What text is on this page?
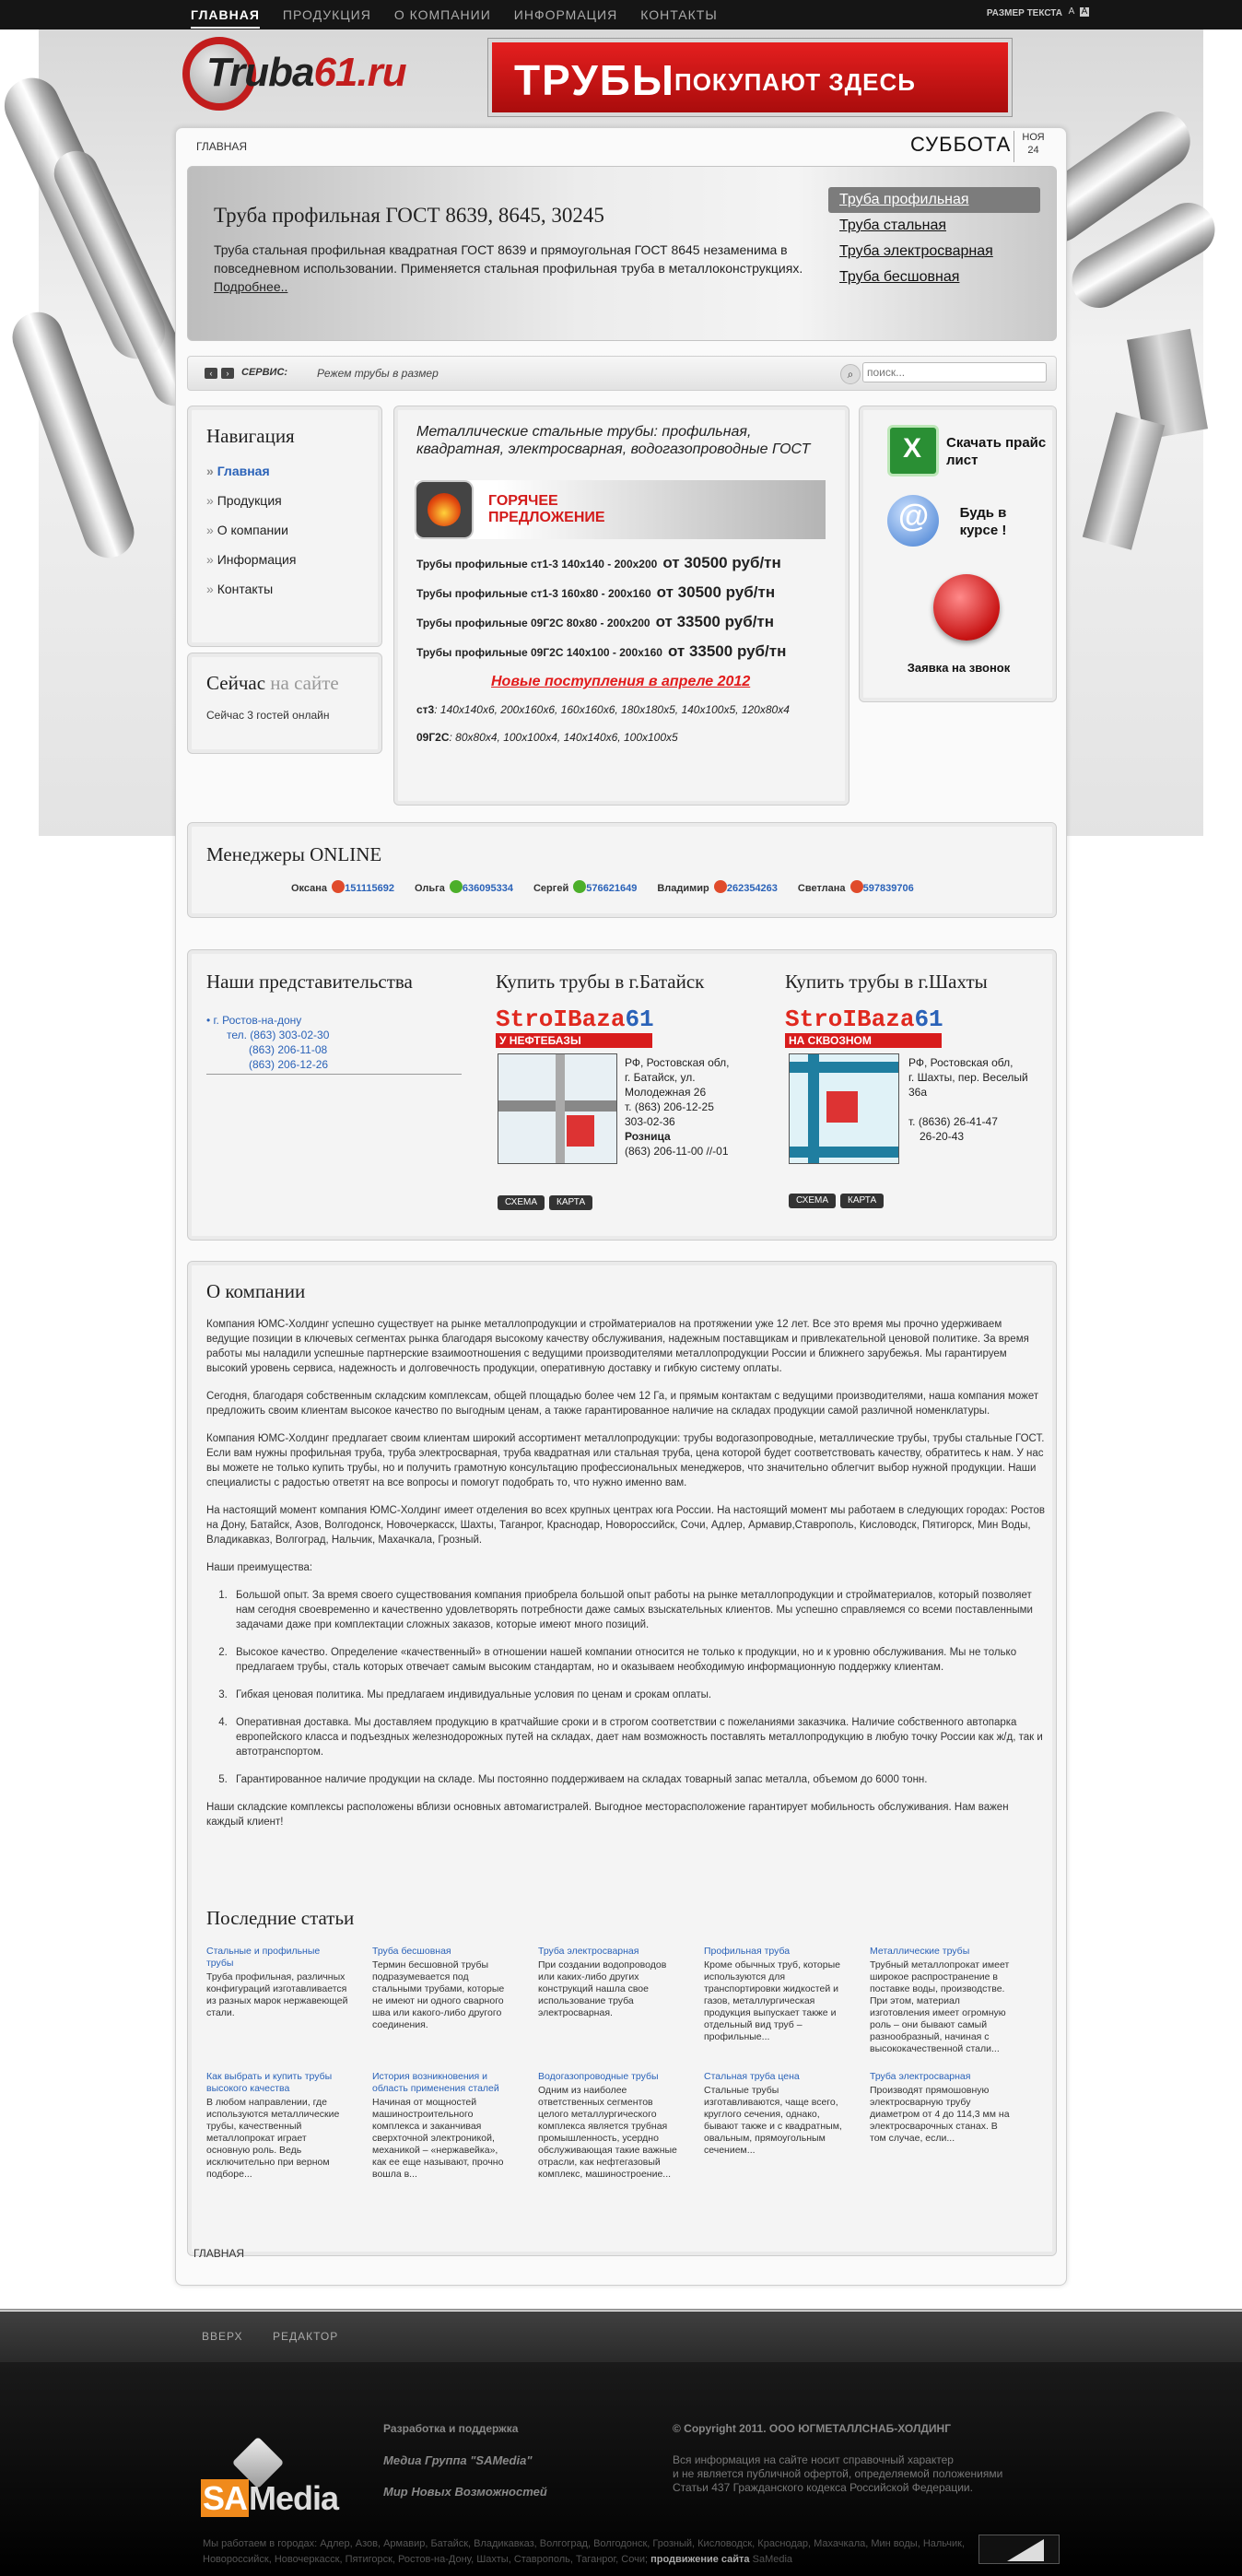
ГЛАВНАЯ ПРОДУКЦИЯ О КОМПАНИИ ИНФОРМАЦИЯ КОНТАКТЫ	РАЗМЕР ТЕКСТА A A
Truba61.ru	ТРУБЫ ПОКУПАЮТ ЗДЕСЬ
ГЛАВНАЯ	СУББОТА	НОЯ
24
Труба профильная ГОСТ 8639, 8645, 30245

Труба стальная профильная квадратная ГОСТ 8639 и прямоугольная ГОСТ 8645 незаменима в повседневном использовании. Применяется стальная профильная труба в металлоконструкциях. Подробнее..

Труба профильная
Труба стальная
Труба электросварная
Труба бесшовная
‹	›	СЕРВИС:	Режем трубы в размер	⌕
поиск...
Навигация
» Главная
» Продукция
» О компании
» Информация
» Контакты
Сейчас на сайте

Сейчас 3 гостей онлайн

Металлические стальные трубы: профильная, квадратная, электросварная, водогазопроводные ГОСТ
ГОРЯЧЕЕ ПРЕДЛОЖЕНИЕ
Трубы профильные ст1-3 140х140 - 200х200 от 30500 руб/тн
Трубы профильные ст1-3 160х80 - 200х160 от 30500 руб/тн
Трубы профильные 09Г2С 80х80 - 200х200 от 33500 руб/тн
Трубы профильные 09Г2С 140х100 - 200х160 от 33500 руб/тн
Новые поступления в апреле 2012
ст3: 140х140х6, 200х160х6, 160х160х6, 180х180х5, 140х100х5, 120х80х4
09Г2С: 80х80х4, 100х100х4, 140х140х6, 100х100х5
X
Скачать прайс лист
@
Будь в курсе !
Заявка на звонок
Менеджеры ONLINE
Оксана 151115692 Ольга 636095334 Сергей 576621649 Владимир 262354263 Светлана 597839706
Наши представительства
• г. Ростов-на-дону
тел. (863) 303-02-30
(863) 206-11-08
(863) 206-12-26
Купить трубы в г.Батайск
StroIBaza61
У НЕФТЕБАЗЫ
РФ, Ростовская обл,
г. Батайск, ул.
Молодежная 26
т. (863) 206-12-25
303-02-36
Розница
(863) 206-11-00 //-01
СХЕМА	КАРТА
Купить трубы в г.Шахты
StroIBaza61
НА СКВОЗНОМ
РФ, Ростовская обл,
г. Шахты, пер. Веселый
36а
т. (8636) 26-41-47
26-20-43
СХЕМА	КАРТА
О компании

Компания ЮМС-Холдинг успешно существует на рынке металлопродукции и стройматериалов на протяжении уже 12 лет. Все это время мы прочно удерживаем ведущие позиции в ключевых сегментах рынка благодаря высокому качеству обслуживания, надежным поставщикам и привлекательной ценовой политике. За время работы мы наладили успешные партнерские взаимоотношения с ведущими производителями металлопродукции России и ближнего зарубежья. Мы гарантируем высокий уровень сервиса, надежность и долговечность продукции, оперативную доставку и гибкую систему оплаты.

Сегодня, благодаря собственным складским комплексам, общей площадью более чем 12 Га, и прямым контактам с ведущими производителями, наша компания может предложить своим клиентам высокое качество по выгодным ценам, а также гарантированное наличие на складах продукции самой различной номенклатуры.

Компания ЮМС-Холдинг предлагает своим клиентам широкий ассортимент металлопродукции: трубы водогазопроводные, металлические трубы, трубы стальные ГОСТ. Если вам нужны профильная труба, труба электросварная, труба квадратная или стальная труба, цена которой будет соответствовать качеству, обратитесь к нам. У нас вы можете не только купить трубы, но и получить грамотную консультацию профессиональных менеджеров, что значительно облегчит выбор нужной продукции. Наши специалисты с радостью ответят на все вопросы и помогут подобрать то, что нужно именно вам.

На настоящий момент компания ЮМС-Холдинг имеет отделения во всех крупных центрах юга России. На настоящий момент мы работаем в следующих городах: Ростов на Дону, Батайск, Азов, Волгодонск, Новочеркасск, Шахты, Таганрог, Краснодар, Новороссийск, Сочи, Адлер, Армавир,Ставрополь, Кисловодск, Пятигорск, Мин Воды, Владикавказ, Волгоград, Нальчик, Махачкала, Грозный.

Наши преимущества:

1. Большой опыт. За время своего существования компания приобрела большой опыт работы на рынке металлопродукции и стройматериалов, который позволяет нам сегодня своевременно и качественно удовлетворять потребности даже самых взыскательных клиентов. Мы успешно справляемся со всеми поставленными задачами даже при комплектации сложных заказов, которые имеют много позиций.
2. Высокое качество. Определение «качественный» в отношении нашей компании относится не только к продукции, но и к уровню обслуживания. Мы не только предлагаем трубы, сталь которых отвечает самым высоким стандартам, но и оказываем необходимую информационную поддержку клиентам.
3. Гибкая ценовая политика. Мы предлагаем индивидуальные условия по ценам и срокам оплаты.
4. Оперативная доставка. Мы доставляем продукцию в кратчайшие сроки и в строгом соответствии с пожеланиями заказчика. Наличие собственного автопарка европейского класса и подъездных железнодорожных путей на складах, дает нам возможность поставлять металлопродукцию в любую точку России как ж/д, так и автотранспортом.
5. Гарантированное наличие продукции на складе. Мы постоянно поддерживаем на складах товарный запас металла, объемом до 6000 тонн.

Наши складские комплексы расположены вблизи основных автомагистралей. Выгодное месторасположение гарантирует мобильность обслуживания. Нам важен каждый клиент!

Последние статьи
Стальные и профильные трубы
Труба профильная, различных конфигураций изготавливается из разных марок нержавеющей стали.
Труба бесшовная
Термин бесшовной трубы подразумевается под стальными трубами, которые не имеют ни одного сварного шва или какого-либо другого соединения.
Труба электросварная
При создании водопроводов или каких-либо других конструкций нашла свое использование труба электросварная.
Профильная труба
Кроме обычных труб, которые используются для транспортировки жидкостей и газов, металлургическая продукция выпускает также и отдельный вид труб – профильные...
Металлические трубы
Трубный металлопрокат имеет широкое распространение в поставке воды, производстве. При этом, материал изготовления имеет огромную роль – они бывают самый разнообразный, начиная с высококачественной стали...
Как выбрать и купить трубы высокого качества
В любом направлении, где используются металлические трубы, качественный металлопрокат играет основную роль. Ведь исключительно при верном подборе...
История возникновения и область применения сталей
Начиная от мощностей машиностроительного комплекса и заканчивая сверхточной электроникой, механикой – «нержавейка», как ее еще называют, прочно вошла в...
Водогазопроводные трубы
Одним из наиболее ответственных сегментов целого металлургического комплекса является трубная промышленность, усердно обслуживающая такие важные отрасли, как нефтегазовый комплекс, машиностроение...
Стальная труба цена
Стальные трубы изготавливаются, чаще всего, круглого сечения, однако, бывают также и с квадратным, овальным, прямоугольным сечением...
Труба электросварная
Производят прямошовную электросварную трубу диаметром от 4 до 114,3 мм на электросварочных станах. В том случае, если...
ГЛАВНАЯ
ВВЕРХ	РЕДАКТОР
SAMedia
Разработка и поддержка
Медиа Группа "SAMedia"
Мир Новых Возможностей
© Copyright 2011. ООО ЮГМЕТАЛЛСНАБ-ХОЛДИНГ
Вся информация на сайте носит справочный характер
и не является публичной офертой, определяемой положениями
Статьи 437 Гражданского кодекса Российской Федерации.
Мы работаем в городах: Адлер, Азов, Армавир, Батайск, Владикавказ, Волгоград, Волгодонск, Грозный, Кисловодск, Краснодар, Махачкала, Мин воды, Нальчик, Новороссийск, Новочеркасск, Пятигорск, Ростов-на-Дону, Шахты, Ставрополь, Таганрог, Сочи; продвижение сайта SaMedia
